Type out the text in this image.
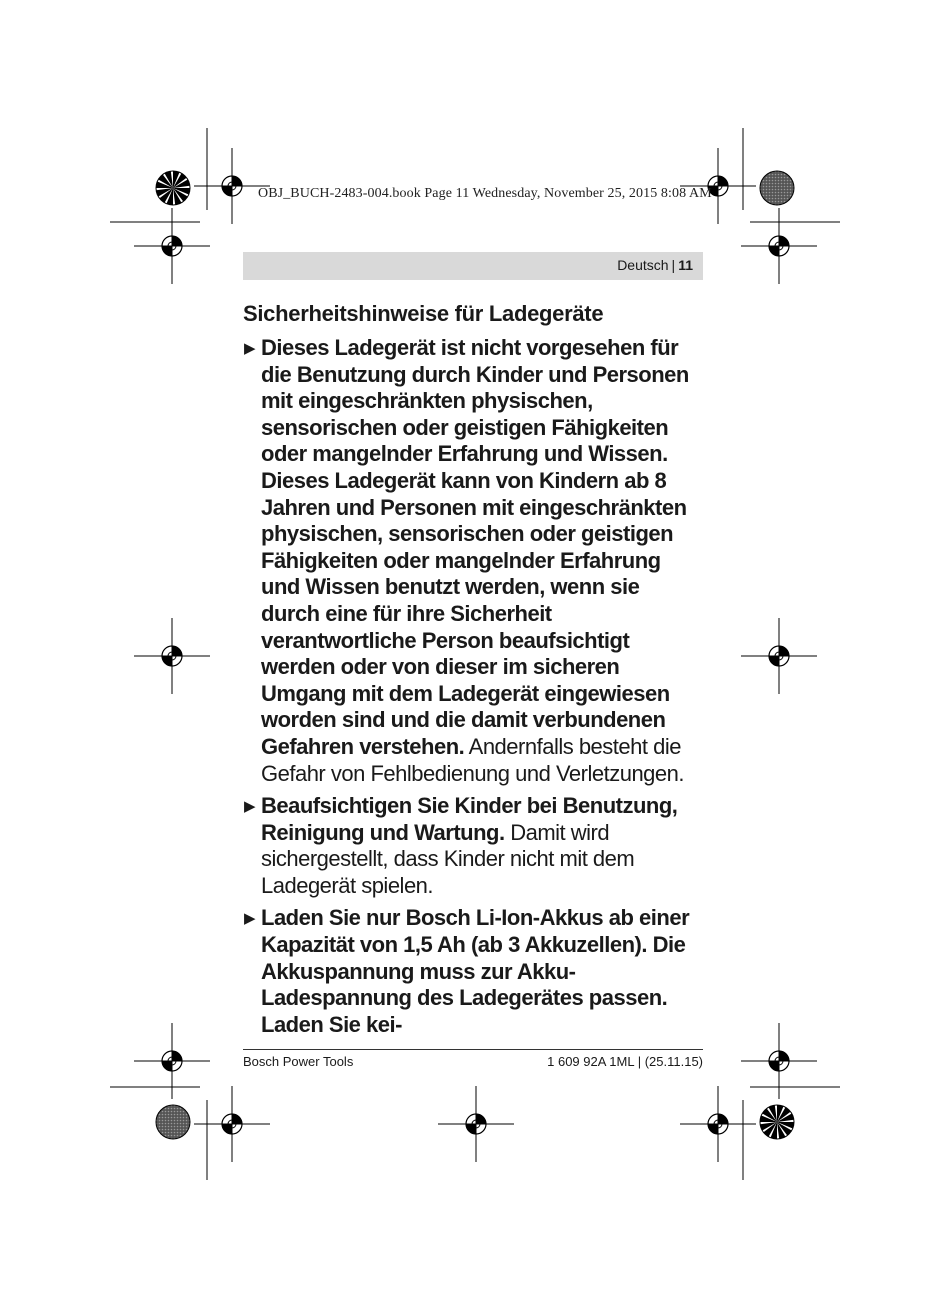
OBJ_BUCH-2483-004.book Page 11 Wednesday, November 25, 2015 8:08 AM
Deutsch | 11
Sicherheitshinweise für Ladegeräte
▶ Dieses Ladegerät ist nicht vorgesehen für die Benutzung durch Kinder und Personen mit eingeschränkten physischen, sensorischen oder geistigen Fähigkeiten oder mangelnder Erfahrung und Wissen. Dieses Ladegerät kann von Kindern ab 8 Jahren und Personen mit eingeschränkten physischen, sensorischen oder geistigen Fähigkeiten oder mangelnder Erfahrung und Wissen benutzt werden, wenn sie durch eine für ihre Sicherheit verantwortliche Person beaufsichtigt werden oder von dieser im sicheren Umgang mit dem Ladegerät eingewiesen worden sind und die damit verbundenen Gefahren verstehen. Andernfalls besteht die Gefahr von Fehlbedienung und Verletzungen.
▶ Beaufsichtigen Sie Kinder bei Benutzung, Reinigung und Wartung. Damit wird sichergestellt, dass Kinder nicht mit dem Ladegerät spielen.
▶ Laden Sie nur Bosch Li-Ion-Akkus ab einer Kapazität von 1,5 Ah (ab 3 Akkuzellen). Die Akkuspannung muss zur Akku-Ladespannung des Ladegerätes passen. Laden Sie kei-
Bosch Power Tools	1 609 92A 1ML | (25.11.15)
